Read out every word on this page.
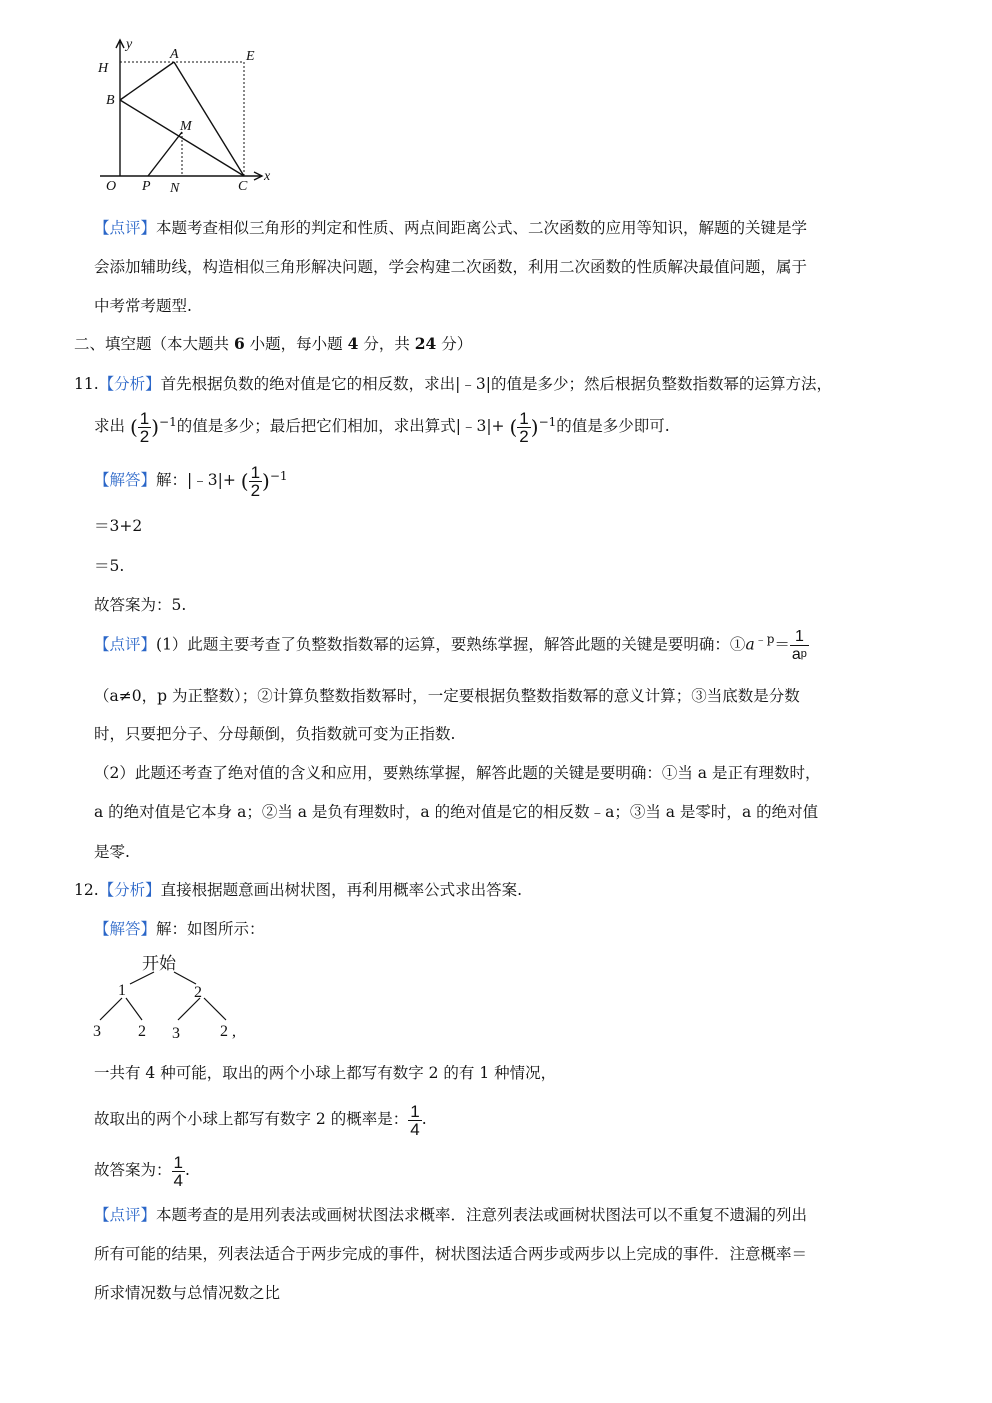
y
A	E
H
B
M
O P N	C
x
【点评】本题考查相似三角形的判定和性质、两点间距离公式、二次函数的应用等知识，解题的关键是学
会添加辅助线，构造相似三角形解决问题，学会构建二次函数，利用二次函数的性质解决最值问题，属于
中考常考题型.
二、填空题（本大题共 6 小题，每小题 4 分，共 24 分）
11.【分析】首先根据负数的绝对值是它的相反数，求出|﹣3|的值是多少；然后根据负整数指数幂的运算方法，
求出 ( $\frac{1}{2} )^{-1}$的值是多少；最后把它们相加，求出算式|﹣3|+ ( $\frac{1}{2} )^{-1}$的值是多少即可.
【解答】解：|﹣3|+ ( $\frac{1}{2} )^{-1}$
＝3+2
＝5.
故答案为：5.
【点评】(1）此题主要考查了负整数指数幂的运算，要熟练掌握，解答此题的关键是要明确：$①a^{﹣p}= \frac{1}{a^p}$
（a≠0，p 为正整数）；②计算负整数指数幂时，一定要根据负整数指数幂的意义计算；③当底数是分数
时，只要把分子、分母颠倒，负指数就可变为正指数.
（2）此题还考查了绝对值的含义和应用，要熟练掌握，解答此题的关键是要明确：①当 a 是正有理数时，
a 的绝对值是它本身 a；②当 a 是负有理数时，a 的绝对值是它的相反数﹣a；③当 a 是零时，a 的绝对值
是零.
12.【分析】直接根据题意画出树状图，再利用概率公式求出答案.
【解答】解：如图所示：
开始
1	2
3 2 3	2 ,
一共有 4 种可能，取出的两个小球上都写有数字 2 的有 1 种情况，
故取出的两个小球上都写有数字 2 的概率是： $\frac{1}{4}$ .
故答案为： $\frac{1}{4}$ .
【点评】本题考查的是用列表法或画树状图法求概率．注意列表法或画树状图法可以不重复不遗漏的列出
所有可能的结果，列表法适合于两步完成的事件，树状图法适合两步或两步以上完成的事件．注意概率＝
所求情况数与总情况数之比
